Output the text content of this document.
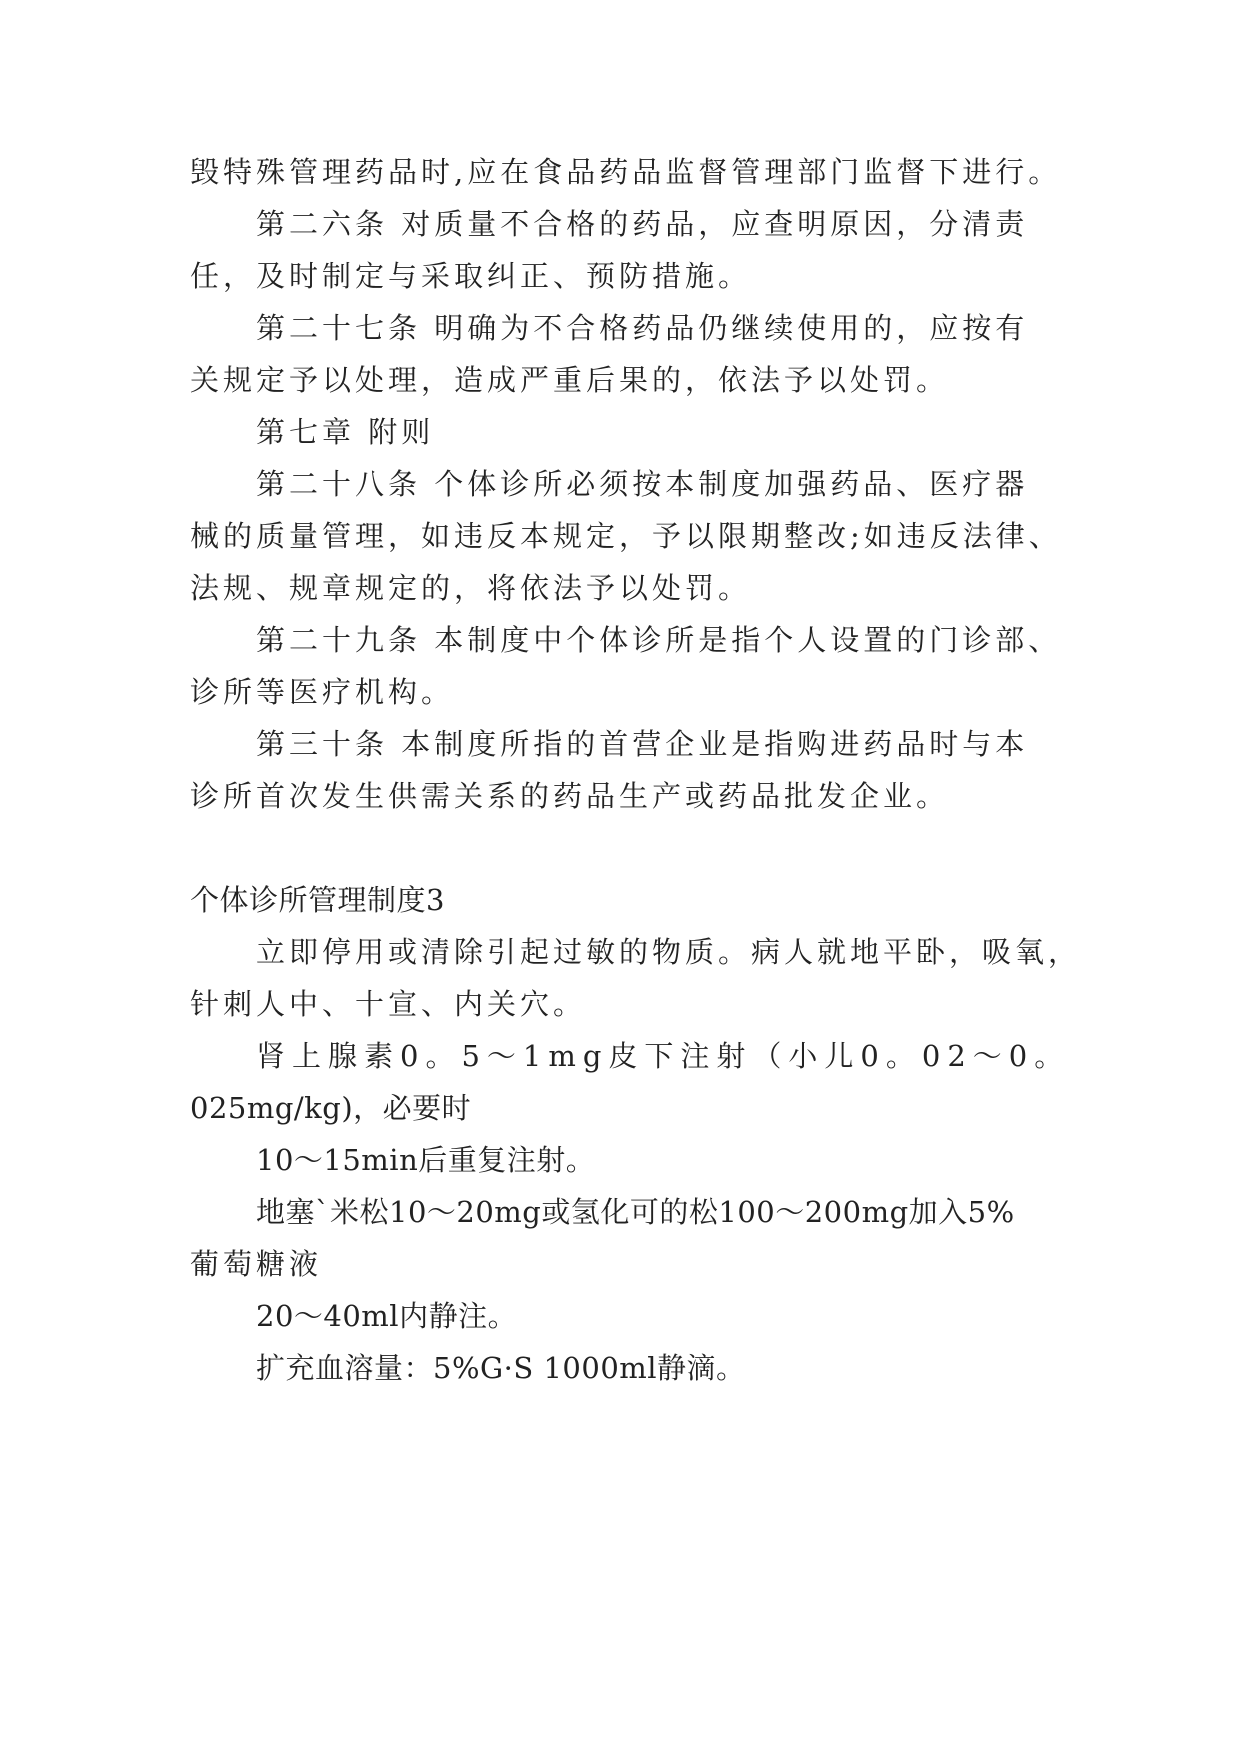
毁特殊管理药品时,应在食品药品监督管理部门监督下进行。
第二六条 对质量不合格的药品，应查明原因，分清责
任，及时制定与采取纠正、预防措施。
第二十七条 明确为不合格药品仍继续使用的，应按有
关规定予以处理，造成严重后果的，依法予以处罚。
第七章 附则
第二十八条 个体诊所必须按本制度加强药品、医疗器
械的质量管理，如违反本规定，予以限期整改;如违反法律、
法规、规章规定的，将依法予以处罚。
第二十九条 本制度中个体诊所是指个人设置的门诊部、
诊所等医疗机构。
第三十条 本制度所指的首营企业是指购进药品时与本
诊所首次发生供需关系的药品生产或药品批发企业。
个体诊所管理制度3
立即停用或清除引起过敏的物质。病人就地平卧，吸氧，
针刺人中、十宣、内关穴。
肾上腺素0。5～1mg皮下注射（小儿0。02～0。
025mg/kg)，必要时
10～15min后重复注射。
地塞`米松10～20mg或氢化可的松100～200mg加入5%
葡萄糖液
20～40ml内静注。
扩充血溶量：5%G·S 1000ml静滴。
